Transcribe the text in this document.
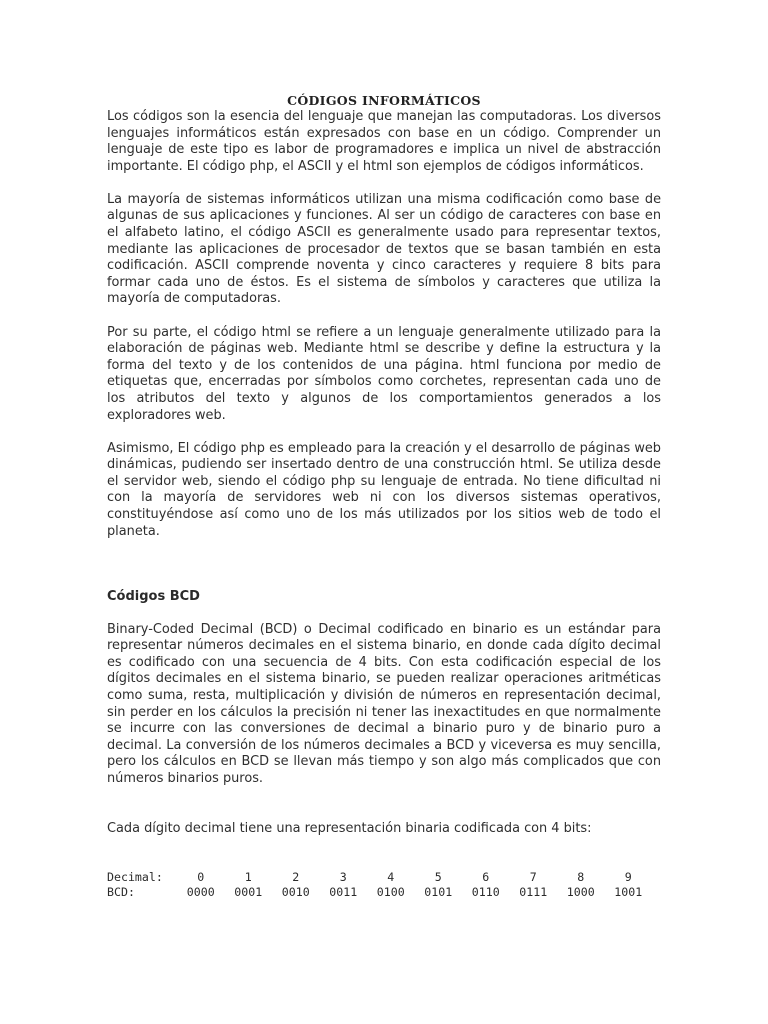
CÓDIGOS INFORMÁTICOS

Los códigos son la esencia del lenguaje que manejan las computadoras. Los diversos lenguajes informáticos están expresados con base en un código. Comprender un lenguaje de este tipo es labor de programadores e implica un nivel de abstracción importante. El código php, el ASCII y el html son ejemplos de códigos informáticos.

La mayoría de sistemas informáticos utilizan una misma codificación como base de algunas de sus aplicaciones y funciones. Al ser un código de caracteres con base en el alfabeto latino, el código ASCII es generalmente usado para representar textos, mediante las aplicaciones de procesador de textos que se basan también en esta codificación. ASCII comprende noventa y cinco caracteres y requiere 8 bits para formar cada uno de éstos. Es el sistema de símbolos y caracteres que utiliza la mayoría de computadoras.

Por su parte, el código html se refiere a un lenguaje generalmente utilizado para la elaboración de páginas web. Mediante html se describe y define la estructura y la forma del texto y de los contenidos de una página. html funciona por medio de etiquetas que, encerradas por símbolos como corchetes, representan cada uno de los atributos del texto y algunos de los comportamientos generados a los exploradores web.

Asimismo, El código php es empleado para la creación y el desarrollo de páginas web dinámicas, pudiendo ser insertado dentro de una construcción html. Se utiliza desde el servidor web, siendo el código php su lenguaje de entrada. No tiene dificultad ni con la mayoría de servidores web ni con los diversos sistemas operativos, constituyéndose así como uno de los más utilizados por los sitios web de todo el planeta.

Códigos BCD

Binary-Coded Decimal (BCD) o Decimal codificado en binario es un estándar para representar números decimales en el sistema binario, en donde cada dígito decimal es codificado con una secuencia de 4 bits. Con esta codificación especial de los dígitos decimales en el sistema binario, se pueden realizar operaciones aritméticas como suma, resta, multiplicación y división de números en representación decimal, sin perder en los cálculos la precisión ni tener las inexactitudes en que normalmente se incurre con las conversiones de decimal a binario puro y de binario puro a decimal. La conversión de los números decimales a BCD y viceversa es muy sencilla, pero los cálculos en BCD se llevan más tiempo y son algo más complicados que con números binarios puros.

Cada dígito decimal tiene una representación binaria codificada con 4 bits:

Decimal:	0	1	2	3	4	5	6	7	8	9
BCD:	0000	0001	0010	0011	0100	0101	0110	0111	1000	1001
